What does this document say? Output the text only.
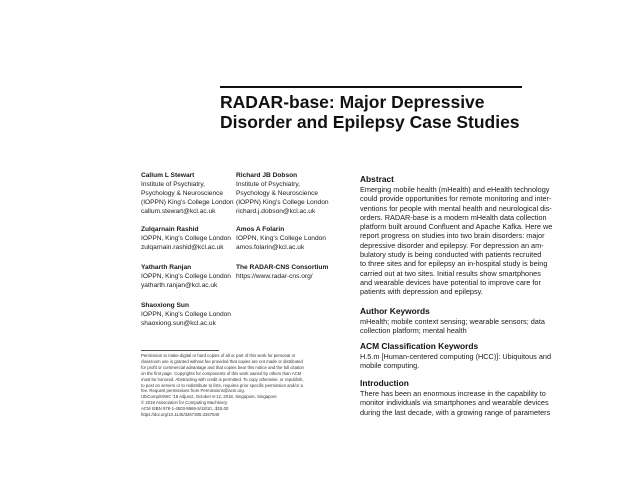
RADAR-base: Major Depressive
Disorder and Epilepsy Case Studies
Callum L Stewart
Institute of Psychiatry,
Psychology & Neuroscience
(IOPPN) King's College London
callum.stewart@kcl.ac.uk
Richard JB Dobson
Institute of Psychiatry,
Psychology & Neuroscience
(IOPPN) King's College London
richard.j.dobson@kcl.ac.uk
Zulqarnain Rashid
IOPPN, King's College London
zulqarnain.rashid@kcl.ac.uk
Amos A Folarin
IOPPN, King's College London
amos.folarin@kcl.ac.uk
Yatharth Ranjan
IOPPN, King's College London
yatharth.ranjan@kcl.ac.uk
The RADAR-CNS Consortium
https://www.radar-cns.org/
Shaoxiong Sun
IOPPN, King's College London
shaoxiong.sun@kcl.ac.uk
Abstract

Emerging mobile health (mHealth) and eHealth technology
could provide opportunities for remote monitoring and inter-
ventions for people with mental health and neurological dis-
orders. RADAR-base is a modern mHealth data collection
platform built around Confluent and Apache Kafka. Here we
report progress on studies into two brain disorders: major
depressive disorder and epilepsy. For depression an am-
bulatory study is being conducted with patients recruited
to three sites and for epilepsy an in-hospital study is being
carried out at two sites. Initial results show smartphones
and wearable devices have potential to improve care for
patients with depression and epilepsy.

Author Keywords

mHealth; mobile context sensing; wearable sensors; data
collection platform; mental health

ACM Classification Keywords

H.5.m [Human-centered computing (HCC)]: Ubiquitous and
mobile computing.

Introduction

There has been an enormous increase in the capability to
monitor individuals via smartphones and wearable devices
during the last decade, with a growing range of parameters

Permission to make digital or hard copies of all or part of this work for personal or
classroom use is granted without fee provided that copies are not made or distributed
for profit or commercial advantage and that copies bear this notice and the full citation
on the first page. Copyrights for components of this work owned by others than ACM
must be honored. Abstracting with credit is permitted. To copy otherwise, or republish,
to post on servers or to redistribute to lists, requires prior specific permission and/or a
fee. Request permissions from Permissions@acm.org.
UbiComp/ISWC '18 Adjunct, October 8-12, 2018, Singapore, Singapore
© 2018 Association for Computing Machinery.
ACM ISBN 978-1-4503-5966-5/18/10...$15.00
https://doi.org/10.1145/3267305.3267540
